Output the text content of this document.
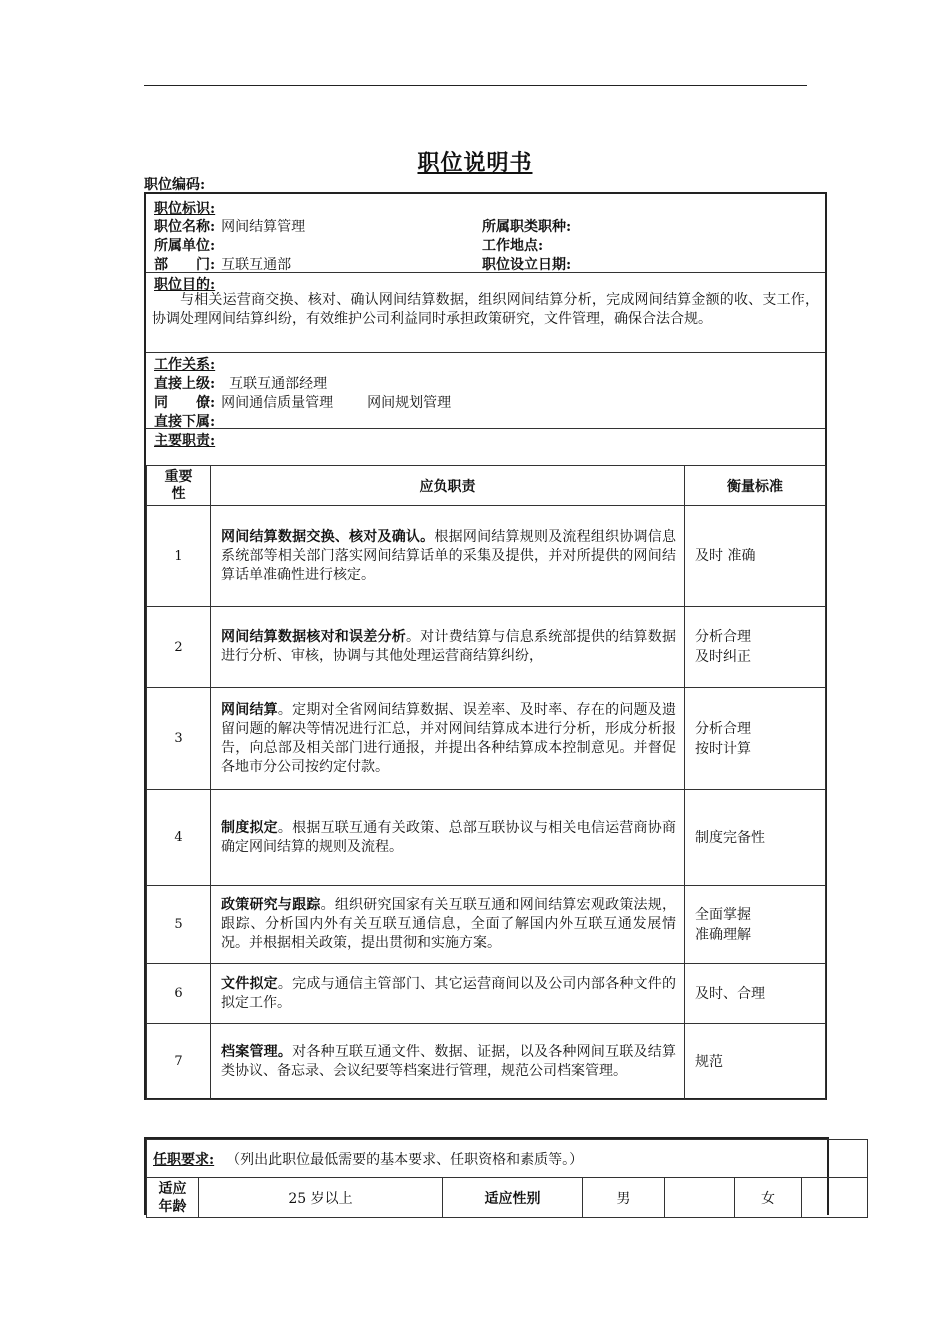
职位说明书
职位编码:
职位标识:
职位名称: 网间结算管理	所属职类职种:
所属单位:	工作地点:
部　　门: 互联互通部	职位设立日期:
职位目的:
与相关运营商交换、核对、确认网间结算数据，组织网间结算分析，完成网间结算金额的收、支工作，协调处理网间结算纠纷，有效维护公司利益同时承担政策研究，文件管理，确保合法合规。
工作关系:
直接上级: 互联互通部经理
同　　僚: 网间通信质量管理 网间规划管理
直接下属:
主要职责:
重要性	应负职责	衡量标准
1	网间结算数据交换、核对及确认。根据网间结算规则及流程组织协调信息系统部等相关部门落实网间结算话单的采集及提供，并对所提供的网间结算话单准确性进行核定。	及时 准确

2	网间结算数据核对和误差分析。对计费结算与信息系统部提供的结算数据进行分析、审核，协调与其他处理运营商结算纠纷，	分析合理
及时纠正

3	网间结算。定期对全省网间结算数据、误差率、及时率、存在的问题及遗留问题的解决等情况进行汇总，并对网间结算成本进行分析，形成分析报告，向总部及相关部门进行通报，并提出各种结算成本控制意见。并督促各地市分公司按约定付款。	分析合理
按时计算

4	制度拟定。根据互联互通有关政策、总部互联协议与相关电信运营商协商确定网间结算的规则及流程。	制度完备性

5	政策研究与跟踪。组织研究国家有关互联互通和网间结算宏观政策法规，跟踪、分析国内外有关互联互通信息，全面了解国内外互联互通发展情况。并根据相关政策，提出贯彻和实施方案。	全面掌握
准确理解

6	文件拟定。完成与通信主管部门、其它运营商间以及公司内部各种文件的拟定工作。	及时、合理

7	档案管理。对各种互联互通文件、数据、证据，以及各种网间互联及结算类协议、备忘录、会议纪要等档案进行管理，规范公司档案管理。	规范
任职要求: （列出此职位最低需要的基本要求、任职资格和素质等。）
适应年龄	25 岁以上	适应性别	男		女	
